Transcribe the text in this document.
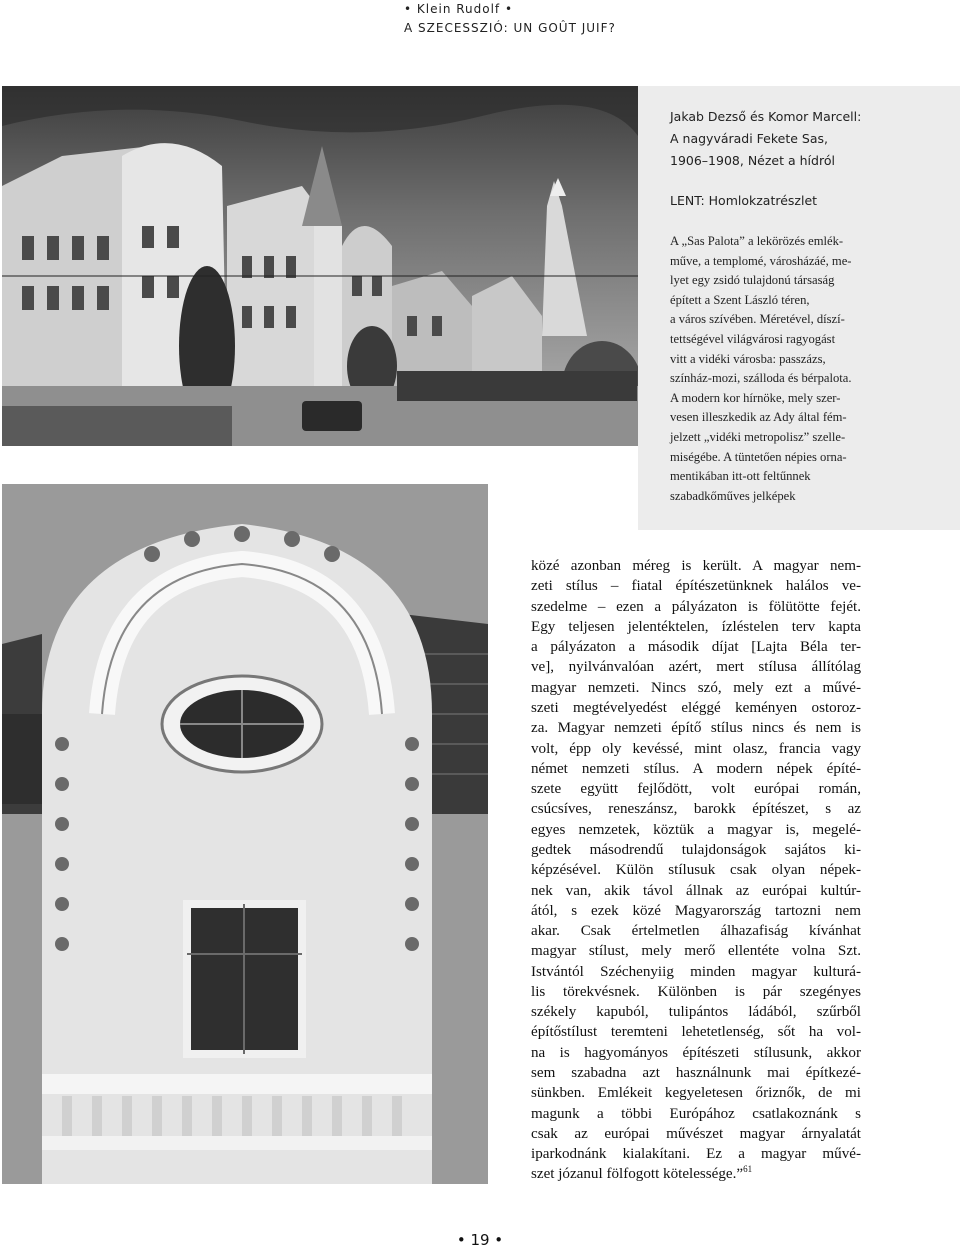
• Klein Rudolf •
A SZECESSZIÓ: UN GOÛT JUIF?
Jakab Dezső és Komor Marcell:
A nagyváradi Fekete Sas,
1906–1908, Nézet a hídról
LENT: Homlokzatrészlet
A „Sas Palota” a lekörözés emlék-
műve, a templomé, városházáé, me-
lyet egy zsidó tulajdonú társaság
épített a Szent László téren,
a város szívében. Méretével, díszí-
tettségével világvárosi ragyogást
vitt a vidéki városba: passzázs,
színház-mozi, szálloda és bérpalota.
A modern kor hírnöke, mely szer-
vesen illeszkedik az Ady által fém-
jelzett „vidéki metropolisz” szelle-
miségébe. A tüntetően népies orna-
mentikában itt-ott feltűnnek
szabadkőműves jelképek
közé azonban méreg is került. A magyar nem-
zeti stílus – fiatal építészetünknek halálos ve-
szedelme – ezen a pályázaton is fölütötte fejét.
Egy teljesen jelentéktelen, ízléstelen terv kapta
a pályázaton a második díjat [Lajta Béla ter-
ve], nyilvánvalóan azért, mert stílusa állítólag
magyar nemzeti. Nincs szó, mely ezt a művé-
szeti megtévelyedést eléggé keményen ostoroz-
za. Magyar nemzeti építő stílus nincs és nem is
volt, épp oly kevéssé, mint olasz, francia vagy
német nemzeti stílus. A modern népek építé-
szete együtt fejlődött, volt európai román,
csúcsíves, reneszánsz, barokk építészet, s az
egyes nemzetek, köztük a magyar is, megelé-
gedtek másodrendű tulajdonságok sajátos ki-
képzésével. Külön stílusuk csak olyan népek-
nek van, akik távol állnak az európai kultúr-
ától, s ezek közé Magyarország tartozni nem
akar. Csak értelmetlen álhazafiság kívánhat
magyar stílust, mely merő ellentéte volna Szt.
Istvántól Széchenyiig minden magyar kulturá-
lis törekvésnek. Különben is pár szegényes
székely kapuból, tulipántos ládából, szűrből
építőstílust teremteni lehetetlenség, sőt ha vol-
na is hagyományos építészeti stílusunk, akkor
sem szabadna azt használnunk mai építkezé-
sünkben. Emlékeit kegyeletesen őriznők, de mi
magunk a többi Európához csatlakoznánk s
csak az európai művészet magyar árnyalatát
iparkodnánk kialakítani. Ez a magyar művé-
szet józanul fölfogott kötelessége.”$^{61}$
• 19 •
